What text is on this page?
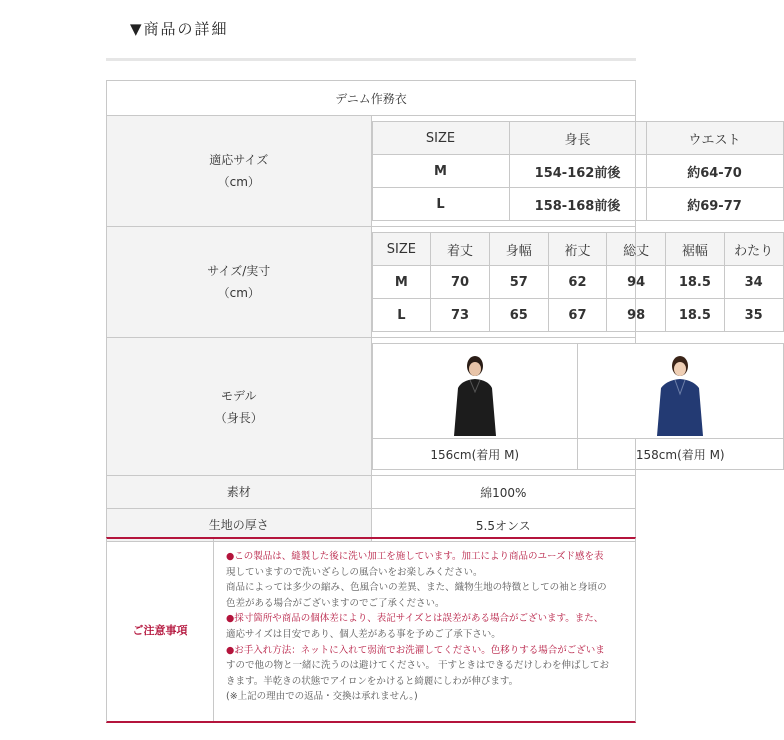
▼商品の詳細
デニム作務衣

適応サイズ
（cm）

SIZE	身長	ウエスト
M	154-162前後	約64-70
L	158-168前後	約69-77

サイズ/実寸
（cm）

SIZE	着丈	身幅	裄丈	総丈	裾幅	わたり
M	70	57	62	94	18.5	34
L	73	65	67	98	18.5	35

モデル
（身長）

156cm(着用 M)	158cm(着用 M)

素材	綿100%
生地の厚さ	5.5オンス
ご注意事項
●この製品は、縫製した後に洗い加工を施しています。加工により商品のユーズド感を表
現していますので洗いざらしの風合いをお楽しみください。
商品によっては多少の縮み、色風合いの差異、また、織物生地の特徴としての袖と身頃の
色差がある場合がございますのでご了承ください。
●採寸箇所や商品の個体差により、表記サイズとは誤差がある場合がございます。また、
適応サイズは目安であり、個人差がある事を予めご了承下さい。
●お手入れ方法：ネットに入れて弱流でお洗濯してください。色移りする場合がございま
すので他の物と一緒に洗うのは避けてください。 干すときはできるだけしわを伸ばしてお
きます。半乾きの状態でアイロンをかけると綺麗にしわが伸びます。
(※上記の理由での返品・交換は承れません。)
